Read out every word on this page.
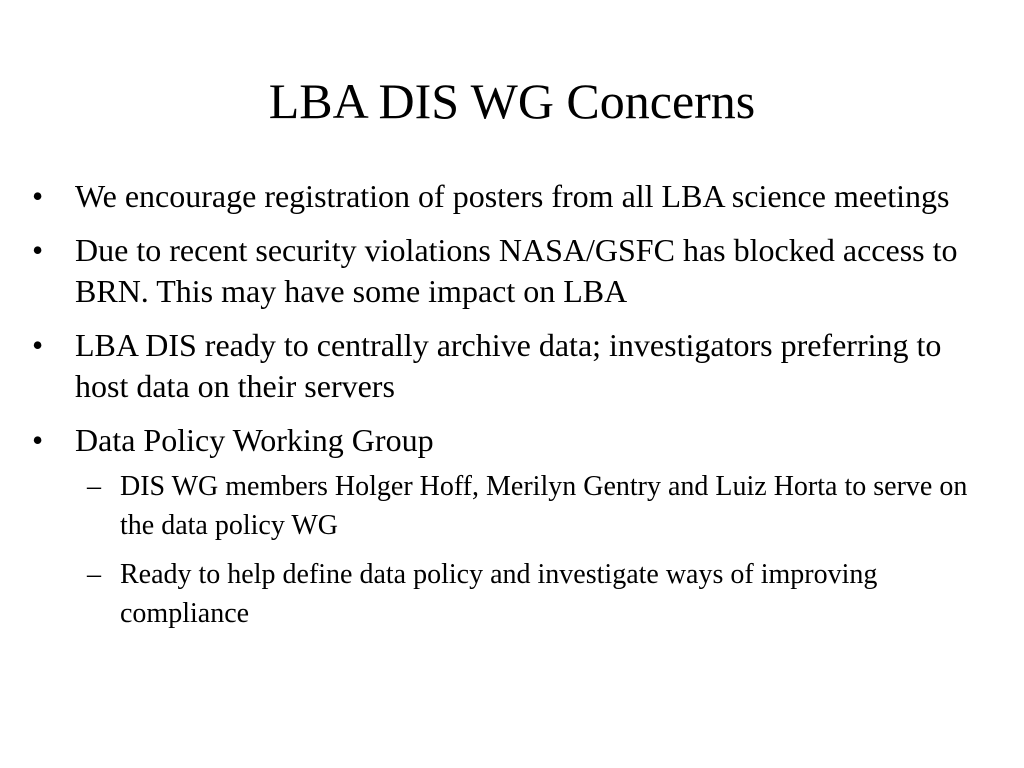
LBA DIS WG Concerns
• We encourage registration of posters from all LBA science meetings
• Due to recent security violations NASA/GSFC has blocked access to BRN. This may have some impact on LBA
• LBA DIS ready to centrally archive data; investigators preferring to host data on their servers
• Data Policy Working Group
– DIS WG members Holger Hoff, Merilyn Gentry and Luiz Horta to serve on the data policy WG
– Ready to help define data policy and investigate ways of improving compliance
